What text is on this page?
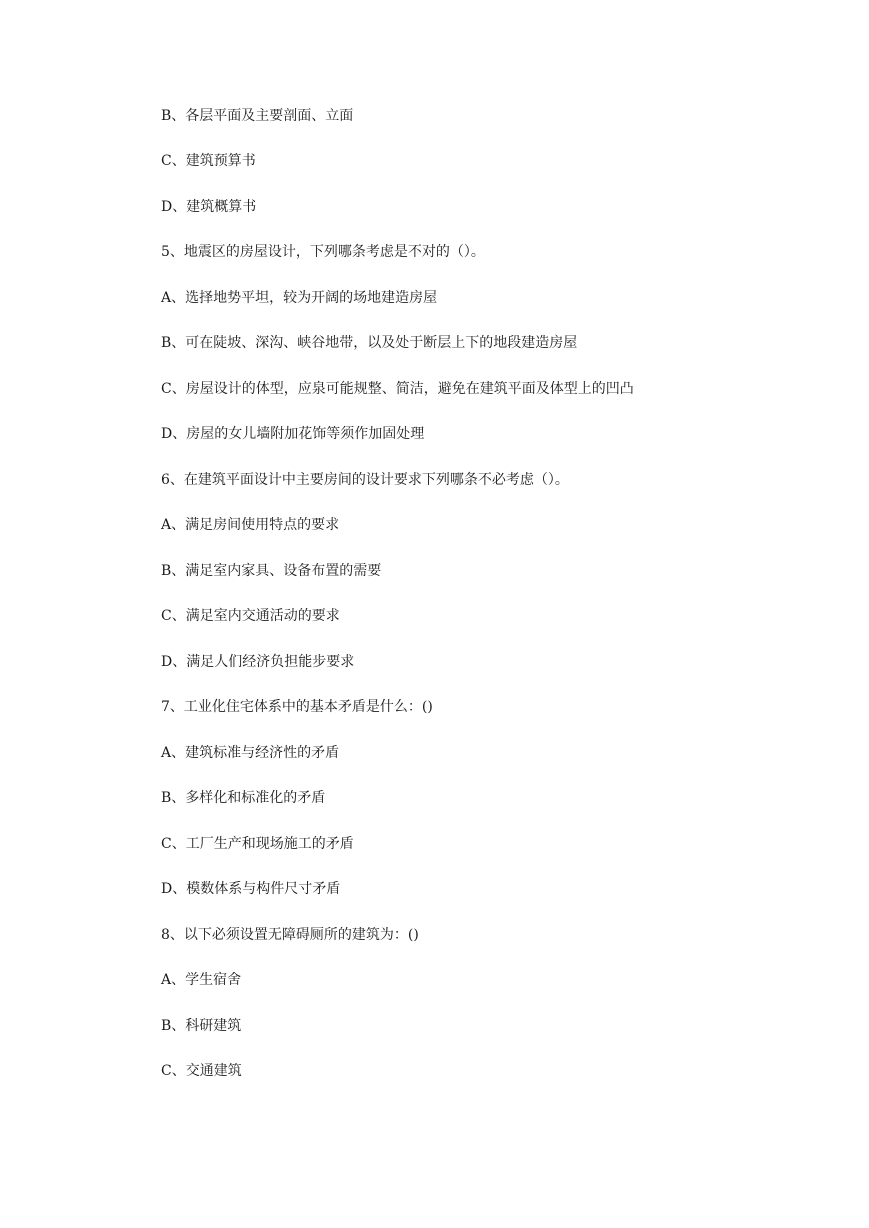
B、各层平面及主要剖面、立面

C、建筑预算书

D、建筑概算书

5、地震区的房屋设计，下列哪条考虑是不对的（）。

A、选择地势平坦，较为开阔的场地建造房屋

B、可在陡坡、深沟、峡谷地带，以及处于断层上下的地段建造房屋

C、房屋设计的体型，应泉可能规整、简洁，避免在建筑平面及体型上的凹凸

D、房屋的女儿墙附加花饰等须作加固处理

6、在建筑平面设计中主要房间的设计要求下列哪条不必考虑（）。

A、满足房间使用特点的要求

B、满足室内家具、设备布置的需要

C、满足室内交通活动的要求

D、满足人们经济负担能步要求

7、工业化住宅体系中的基本矛盾是什么：()

A、建筑标准与经济性的矛盾

B、多样化和标准化的矛盾

C、工厂生产和现场施工的矛盾

D、模数体系与构件尺寸矛盾

8、以下必须设置无障碍厕所的建筑为：()

A、学生宿舍

B、科研建筑

C、交通建筑
